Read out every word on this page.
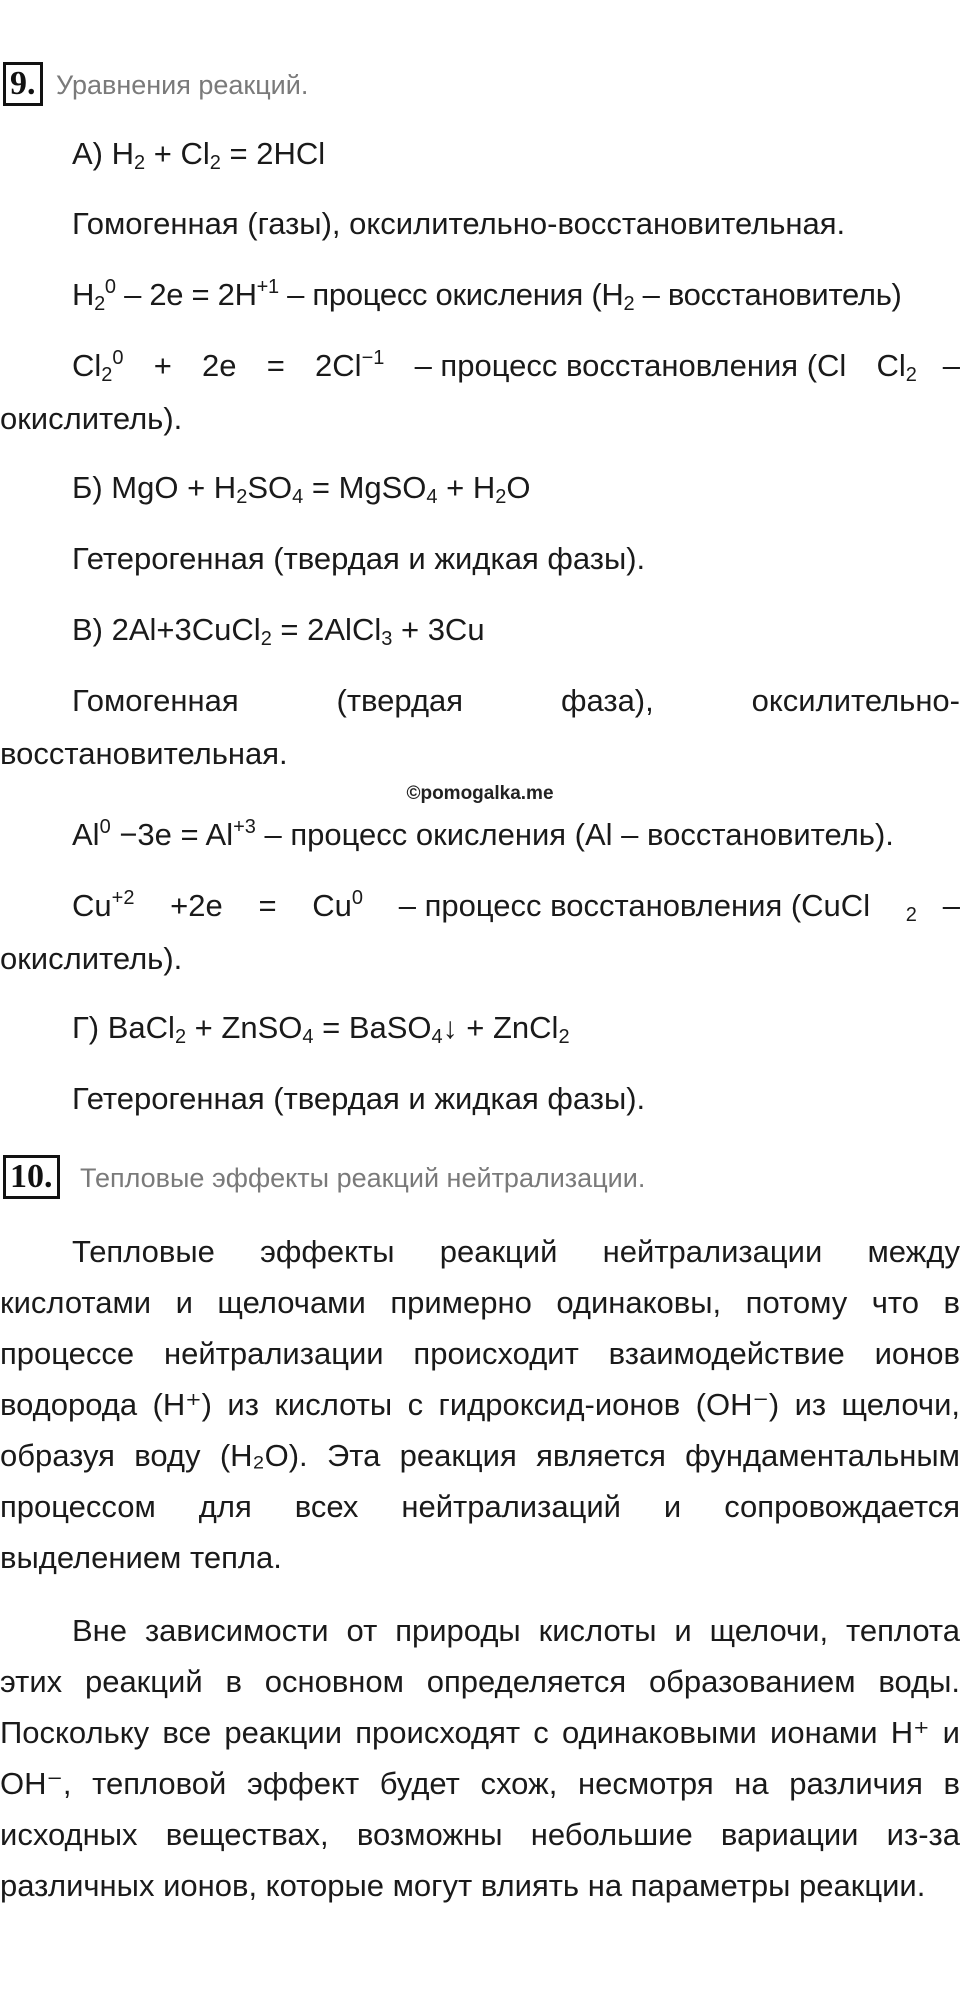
9. Уравнения реакций.
А) $H_2 + Cl_2 = 2HCl$
Гомогенная (газы), оксилительно-восстановительная.
$H_2^0 - 2e = 2H^{+1}$ – процесс окисления ($H_2$ – восстановитель)
$Cl_2^0 + 2e = 2Cl^{-1}$ – процесс восстановления (Cl $Cl_2$   –
окислитель).
Б) MgO + $H_2SO_4$ = MgSO$_4$ + $H_2O$
Гетерогенная (твердая и жидкая фазы).
В) 2Al+3CuCl$_2$ = 2AlCl$_3$ + 3Cu
Гомогенная	(твердая	фаза),	оксилительно-
восстановительная.
©pomogalka.me
$Al^0 -3e = Al^{+3}$ – процесс окисления (Al – восстановитель).
$Cu^{+2} +2e = Cu^0$ – процесс восстановления (CuCl $_2$   –
окислитель).
Г) BaCl$_2$ + ZnSO$_4$ = BaSO$_4$↓ + ZnCl$_2$
Гетерогенная (твердая и жидкая фазы).
10. Тепловые эффекты реакций нейтрализации.
Тепловые эффекты реакций нейтрализации между кислотами и щелочами примерно одинаковы, потому что в процессе нейтрализации происходит взаимодействие ионов водорода (H⁺) из кислоты с гидроксид-ионов (OH⁻) из щелочи, образуя воду (H₂O). Эта реакция является фундаментальным процессом для всех нейтрализаций и сопровождается выделением тепла.
Вне зависимости от природы кислоты и щелочи, теплота этих реакций в основном определяется образованием воды. Поскольку все реакции происходят с одинаковыми ионами H⁺ и OH⁻, тепловой эффект будет схож, несмотря на различия в исходных веществах, возможны небольшие вариации из-за различных ионов, которые могут влиять на параметры реакции.
